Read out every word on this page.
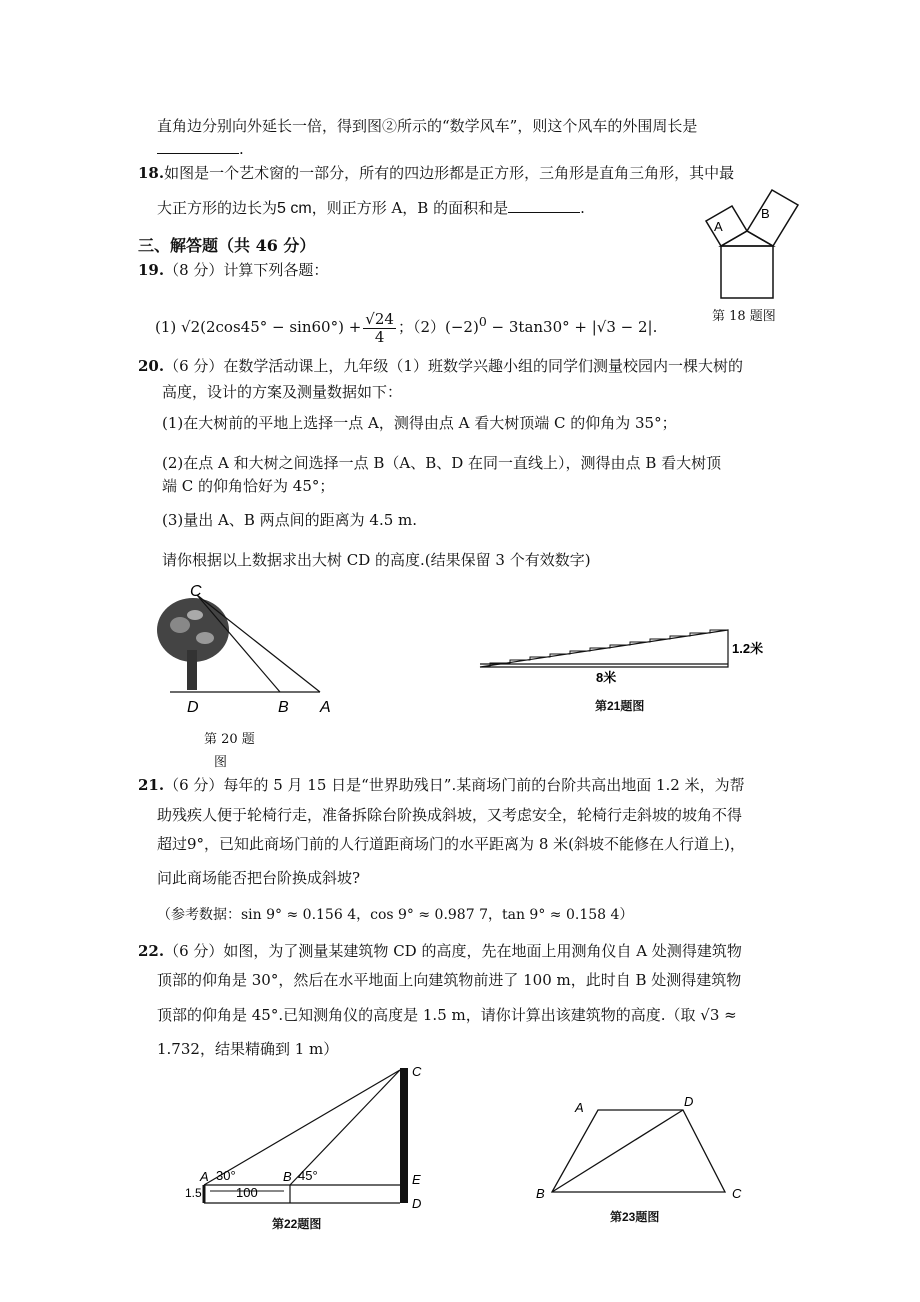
直角边分别向外延长一倍，得到图②所示的“数学风车”，则这个风车的外围周长是
.
18.如图是一个艺术窗的一部分，所有的四边形都是正方形，三角形是直角三角形，其中最
大正方形的边长为5 cm，则正方形 A，B 的面积和是	.
A
B
第 18 题图
三、解答题（共 46 分）
19.（8 分）计算下列各题：
(1) $√2(2\cos 45^\circ - \sin 60^\circ) + \frac{√24}{4}$ ；$(2)(-2)^0 - 3\tan 30^\circ + |√3 - 2|$.
20.（6 分）在数学活动课上，九年级（1）班数学兴趣小组的同学们测量校园内一棵大树的
高度，设计的方案及测量数据如下：
(1)在大树前的平地上选择一点 A，测得由点 A 看大树顶端 C 的仰角为 35°；
(2)在点 A 和大树之间选择一点 B（A、B、D 在同一直线上），测得由点 B 看大树顶
端 C 的仰角恰好为 45°；
(3)量出 A、B 两点间的距离为 4.5 m.
请你根据以上数据求出大树 CD 的高度.(结果保留 3 个有效数字)
C
D	B A
第 20 题
图
1.2米
8米
第21题图
21.（6 分）每年的 5 月 15 日是“世界助残日”.某商场门前的台阶共高出地面 1.2 米，为帮
助残疾人便于轮椅行走，准备拆除台阶换成斜坡，又考虑安全，轮椅行走斜坡的坡角不得
超过9°，已知此商场门前的人行道距商场门的水平距离为 8 米(斜坡不能修在人行道上)，
问此商场能否把台阶换成斜坡?
（参考数据：sin 9° ≈ 0.156 4，cos 9° ≈ 0.987 7，tan 9° ≈ 0.158 4）
22.（6 分）如图，为了测量某建筑物 CD 的高度，先在地面上用测角仪自 A 处测得建筑物
顶部的仰角是 30°，然后在水平地面上向建筑物前进了 100 m，此时自 B 处测得建筑物
顶部的仰角是 45°.已知测角仪的高度是 1.5 m，请你计算出该建筑物的高度.（取 √3 ≈
1.732，结果精确到 1 m）
A 30°	B 45°
100
1.5
C
E
D
第22题图
A	D
B	C
第23题图
